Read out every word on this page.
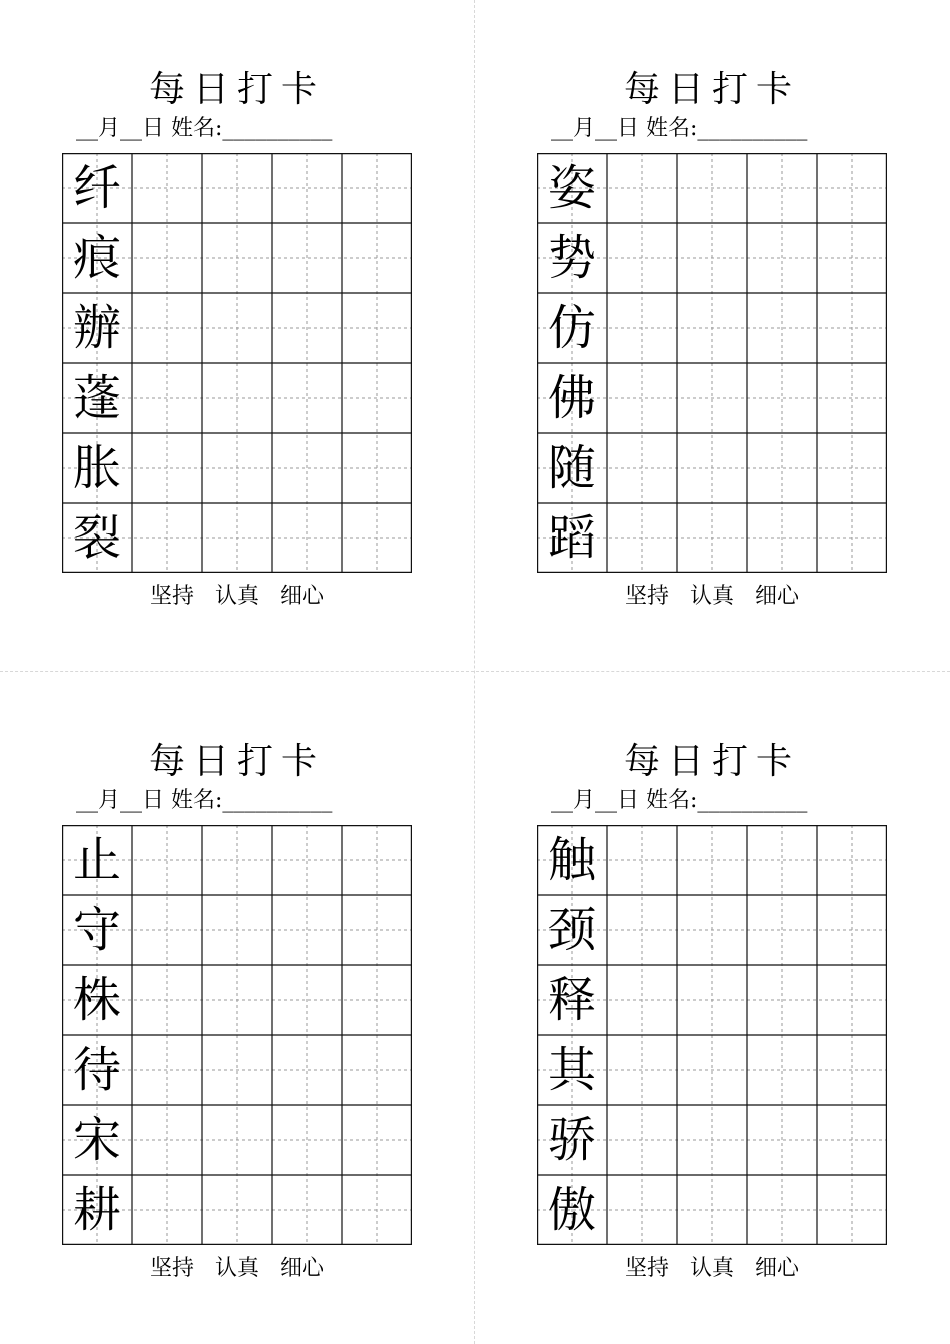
每日打卡
__月__日 姓名:__________
纤
痕
辦
蓬
胀
裂
坚持 认真 细心
每日打卡
__月__日 姓名:__________
姿
势
仿
佛
随
蹈
坚持 认真 细心
每日打卡
__月__日 姓名:__________
止
守
株
待
宋
耕
坚持 认真 细心
每日打卡
__月__日 姓名:__________
触
颈
释
其
骄
傲
坚持 认真 细心
